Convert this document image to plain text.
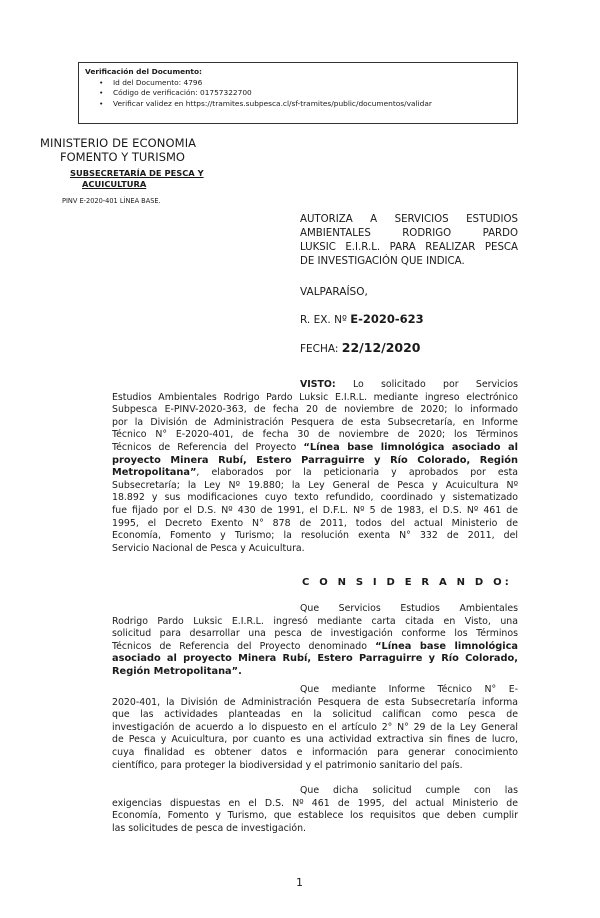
Verificación del Documento:
• Id del Documento: 4796
• Código de verificación: 01757322700
• Verificar validez en https://tramites.subpesca.cl/sf-tramites/public/documentos/validar
MINISTERIO DE ECONOMIA
FOMENTO Y TURISMO
SUBSECRETARÍA DE PESCA Y
ACUICULTURA
PINV E-2020-401 LÍNEA BASE.
AUTORIZA A SERVICIOS ESTUDIOS
AMBIENTALES RODRIGO PARDO
LUKSIC E.I.R.L. PARA REALIZAR PESCA
DE INVESTIGACIÓN QUE INDICA.
VALPARAÍSO,
R. EX. Nº E-2020-623
FECHA: 22/12/2020
VISTO: Lo solicitado por Servicios
Estudios Ambientales Rodrigo Pardo Luksic E.I.R.L. mediante ingreso electrónico
Subpesca E-PINV-2020-363, de fecha 20 de noviembre de 2020; lo informado
por la División de Administración Pesquera de esta Subsecretaría, en Informe
Técnico N° E-2020-401, de fecha 30 de noviembre de 2020; los Términos
Técnicos de Referencia del Proyecto “Línea base limnológica asociado al
proyecto Minera Rubí, Estero Parraguirre y Río Colorado, Región
Metropolitana”, elaborados por la peticionaria y aprobados por esta
Subsecretaría; la Ley Nº 19.880; la Ley General de Pesca y Acuicultura Nº
18.892 y sus modificaciones cuyo texto refundido, coordinado y sistematizado
fue fijado por el D.S. Nº 430 de 1991, el D.F.L. Nº 5 de 1983, el D.S. Nº 461 de
1995, el Decreto Exento N° 878 de 2011, todos del actual Ministerio de
Economía, Fomento y Turismo; la resolución exenta N° 332 de 2011, del
Servicio Nacional de Pesca y Acuicultura.
C O N S I D E R A N D O:
Que Servicios Estudios Ambientales
Rodrigo Pardo Luksic E.I.R.L. ingresó mediante carta citada en Visto, una
solicitud para desarrollar una pesca de investigación conforme los Términos
Técnicos de Referencia del Proyecto denominado “Línea base limnológica
asociado al proyecto Minera Rubí, Estero Parraguirre y Río Colorado,
Región Metropolitana”.
Que mediante Informe Técnico N° E-
2020-401, la División de Administración Pesquera de esta Subsecretaría informa
que las actividades planteadas en la solicitud califican como pesca de
investigación de acuerdo a lo dispuesto en el artículo 2° N° 29 de la Ley General
de Pesca y Acuicultura, por cuanto es una actividad extractiva sin fines de lucro,
cuya finalidad es obtener datos e información para generar conocimiento
científico, para proteger la biodiversidad y el patrimonio sanitario del país.
Que dicha solicitud cumple con las
exigencias dispuestas en el D.S. Nº 461 de 1995, del actual Ministerio de
Economía, Fomento y Turismo, que establece los requisitos que deben cumplir
las solicitudes de pesca de investigación.
1
